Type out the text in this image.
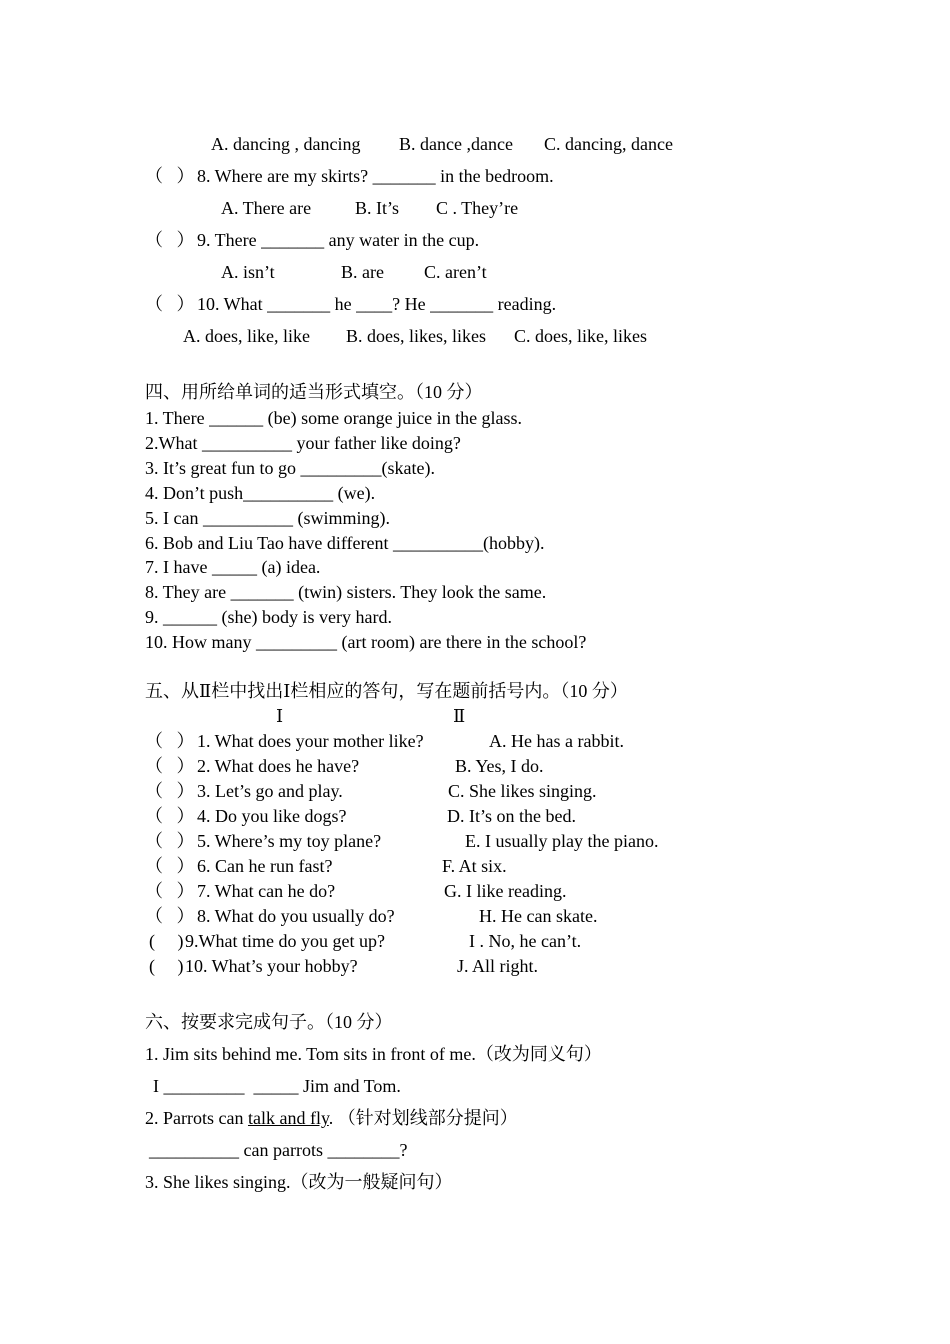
A. dancing , dancing B. dance ,dance C. dancing, dance
（   ） 8. Where are my skirts? _______ in the bedroom.
A. There are B. It’s C . They’re
（   ） 9. There _______ any water in the cup.
A. isn’t	B. are C. aren’t
（   ） 10. What _______ he ____? He _______ reading.
A. does, like, like B. does, likes, likes C. does, like, likes
四、用所给单词的适当形式填空。（10 分）
1. There ______ (be) some orange juice in the glass.
2.What __________ your father like doing?
3. It’s great fun to go _________(skate).
4. Don’t push__________ (we).
5. I can __________ (swimming).
6. Bob and Liu Tao have different __________(hobby).
7. I have _____ (a) idea.
8. They are _______ (twin) sisters. They look the same.
9. ______ (she) body is very hard.
10. How many _________ (art room) are there in the school?
五、从Ⅱ栏中找出Ⅰ栏相应的答句，写在题前括号内。（10 分）
Ⅰ	Ⅱ
（   ） 1. What does your mother like?	A. He has a rabbit.
（   ） 2. What does he have?	B. Yes, I do.
（   ） 3. Let’s go and play.	C. She likes singing.
（   ） 4. Do you like dogs?	D. It’s on the bed.
（   ） 5. Where’s my toy plane?	E. I usually play the piano.
（   ） 6. Can he run fast?	F. At six.
（   ） 7. What can he do?	G. I like reading.
（   ） 8. What do you usually do?	H. He can skate.
(     ) 9.What time do you get up?	I . No, he can’t.
(     ) 10. What’s your hobby?	J. All right.
六、按要求完成句子。（10 分）
1. Jim sits behind me. Tom sits in front of me.（改为同义句）
I _________  _____ Jim and Tom.
2. Parrots can talk and fly. （针对划线部分提问）
__________ can parrots ________?
3. She likes singing.（改为一般疑问句）
